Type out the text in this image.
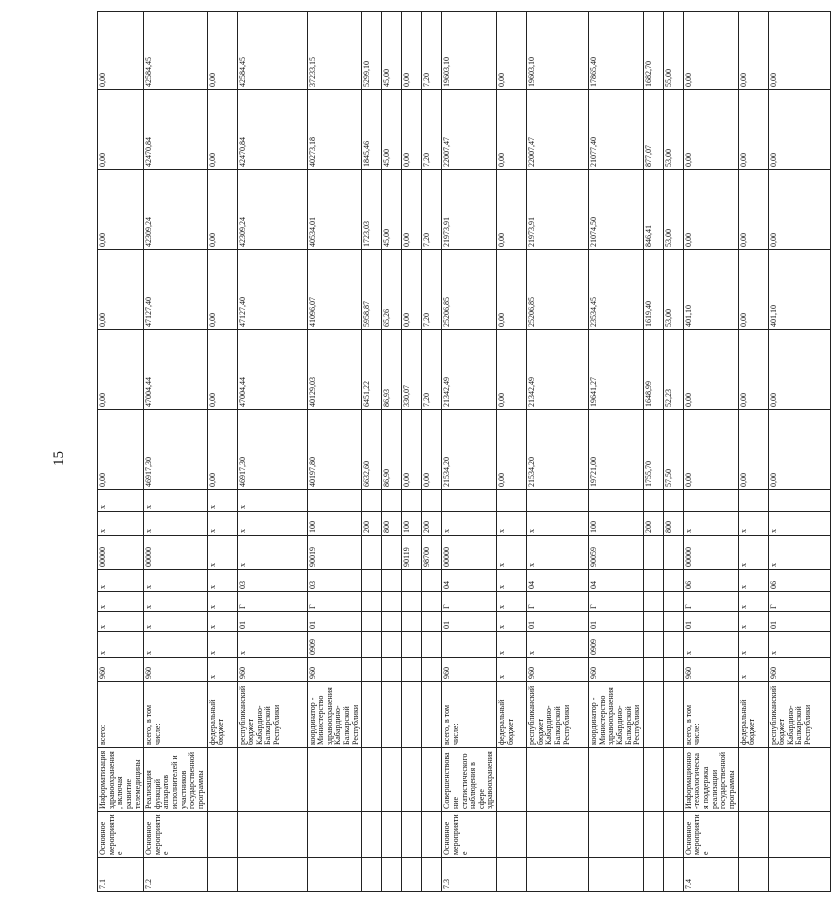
15
7.1	Основное мероприятие	Информатизация здравоохранения, включая развитие телемедицины	всего:	960	х	х	х	х	00000	х	х	0,00	0,00	0,00	0,00	0,00	0,00
7.2	Основное мероприятие	Реализация функций аппаратов исполнителей и участников государственной программы	всего, в том числе:	960	х	х	х	х	00000	х	х	46917,30	47004,44	47127,40	42309,24	42470,84	42584,45
			федеральный бюджет	х	х	х	х	х	х	х	х	0,00	0,00	0,00	0,00	0,00	0,00
			республиканский бюджет Кабардино-Балкарской Республики	960	х	01	Г	03	х	х	х	46917,30	47004,44	47127,40	42309,24	42470,84	42584,45
			координатор - Министерство здравоохранения Кабардино-Балкарской Республики	960	0909	01	Г	03	90019	100		40197,80	40129,03	41096,07	40534,01	40273,18	37233,15
										200		6632,60	6451,22	5958,87	1723,03	1845,46	5299,10
										800		86,90	86,93	65,26	45,00	45,00	45,00
									90119	100		0,00	330,07	0,00	0,00	0,00	0,00
									98700	200		0,00	7,20	7,20	7,20	7,20	7,20
7.3	Основное мероприятие	Совершенствование статистического наблюдения в сфере здравоохранения	всего, в том числе:	960		01	Г	04	00000	х		21534,20	21342,49	25206,85	21973,91	22007,47	19603,10
			федеральный бюджет	х	х	х	х	х	х	х		0,00	0,00	0,00	0,00	0,00	0,00
			республиканский бюджет Кабардино-Балкарской Республики	960	х	01	Г	04	х	х		21534,20	21342,49	25206,85	21973,91	22007,47	19603,10
			координатор - Министерство здравоохранения Кабардино-Балкарской Республики	960	0909	01	Г	04	90059	100		19721,00	19641,27	23534,45	21074,50	21077,40	17865,40
										200		1755,70	1648,99	1619,40	846,41	877,07	1682,70
										800		57,50	52,23	53,00	53,00	53,00	55,00
7.4	Основное мероприятие	Информационно-технологическая поддержка реализации государственной программы	всего, в том числе:	960	х	01	Г	06	00000	х		0,00	0,00	401,10	0,00	0,00	0,00
			федеральный бюджет	х	х	х	х	х	х	х		0,00	0,00	0,00	0,00	0,00	0,00
			республиканский бюджет Кабардино-Балкарской Республики	960	х	01	Г	06	х	х		0,00	0,00	401,10	0,00	0,00	0,00
